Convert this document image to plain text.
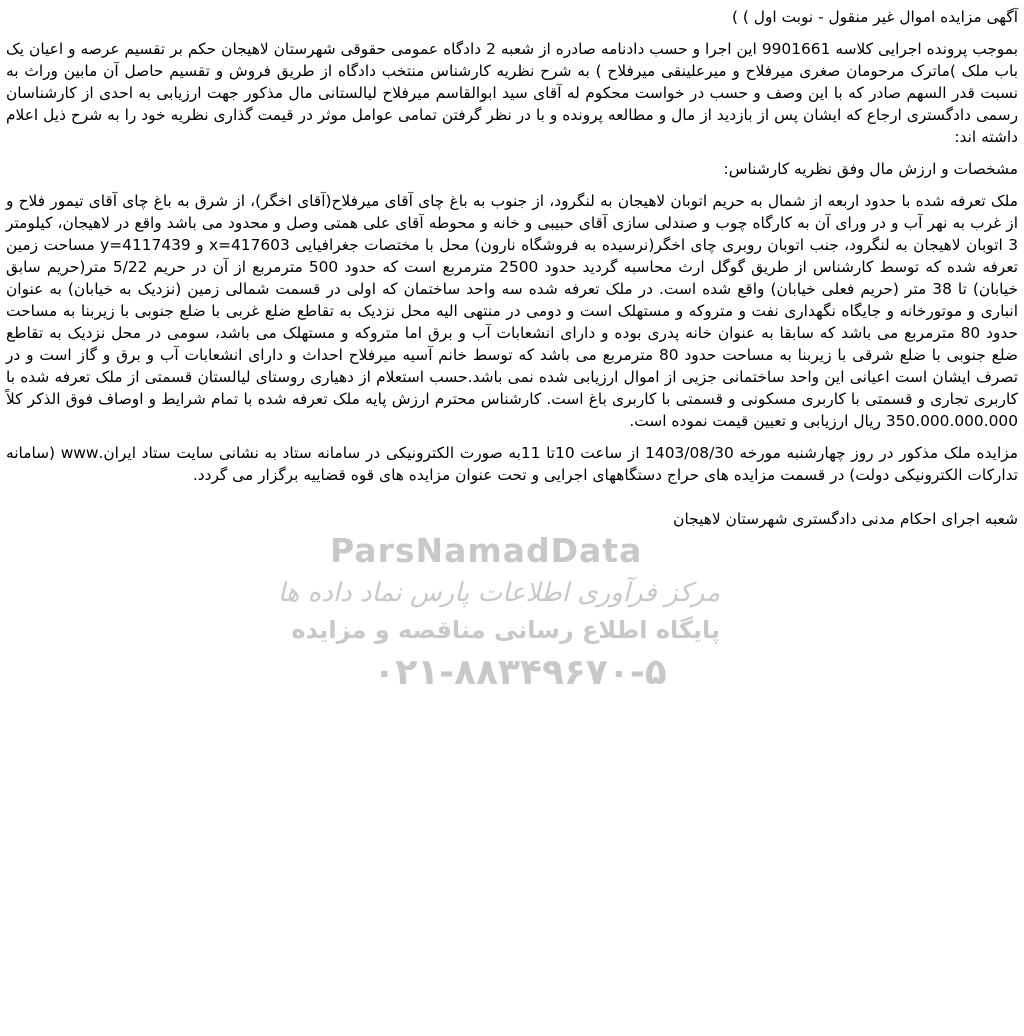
ParsNamadData
مرکز فرآوری اطلاعات پارس نماد داده ها
پایگاه اطلاع رسانی مناقصه و مزایده
۰۲۱-۸۸۳۴۹۶۷۰-۵

آگهی مزایده اموال غیر منقول - نوبت اول ) )

بموجب پرونده اجرایی کلاسه 9901661 این اجرا و حسب دادنامه صادره از شعبه 2 دادگاه عمومی حقوقی شهرستان لاهیجان حکم بر تقسیم عرصه و اعیان یک باب ملک )ماترک مرحومان صغری میرفلاح و میرعلینقی میرفلاح ) به شرح نظریه کارشناس منتخب دادگاه از طریق فروش و تقسیم حاصل آن مابین وراث به نسبت قدر السهم صادر که با این وصف و حسب در خواست محکوم له آقای سید ابوالقاسم میرفلاح لیالستانی مال مذکور جهت ارزیابی به احدی از کارشناسان رسمی دادگستری ارجاع که ایشان پس از بازدید از مال و مطالعه پرونده و با در نظر گرفتن تمامی عوامل موثر در قیمت گذاری نظریه خود را به شرح ذیل اعلام داشته اند:

مشخصات و ارزش مال وفق نظریه کارشناس:

ملک تعرفه شده با حدود اربعه از شمال به حریم اتوبان لاهیجان به لنگرود، از جنوب به باغ چای آقای میرفلاح(آقای اخگر)، از شرق به باغ چای آقای تیمور فلاح و از غرب به نهر آب و در ورای آن به کارگاه چوب و صندلی سازی آقای حبیبی و خانه و محوطه آقای علی همتی وصل و محدود می باشد واقع در لاهیجان، کیلومتر 3 اتوبان لاهیجان به لنگرود، جنب اتوبان روبری چای اخگر(نرسیده به فروشگاه نارون) محل با مختصات جغرافیایی x=417603 و y=4117439 مساحت زمین تعرفه شده که توسط کارشناس از طریق گوگل ارث محاسبه گردید حدود 2500 مترمربع است که حدود 500 مترمربع از آن در حریم 5/22 متر(حریم سابق خیابان) تا 38 متر (حریم فعلی خیابان) واقع شده است. در ملک تعرفه شده سه واحد ساختمان که اولی در قسمت شمالی زمین (نزدیک به خیابان) به عنوان انباری و موتورخانه و جایگاه نگهداری نفت و متروکه و مستهلک است و دومی در منتهی الیه محل نزدیک به تقاطع ضلع غربی با ضلع جنوبی با زیربنا به مساحت حدود 80 مترمربع می باشد که سابقا به عنوان خانه پدری بوده و دارای انشعابات آب و برق اما متروکه و مستهلک می باشد، سومی در محل نزدیک به تقاطع ضلع جنوبی با ضلع شرقی با زیربنا به مساحت حدود 80 مترمربع می باشد که توسط خانم آسیه میرفلاح احداث و دارای انشعابات آب و برق و گاز است و در تصرف ایشان است اعیانی این واحد ساختمانی جزیی از اموال ارزیابی شده نمی باشد.حسب استعلام از دهیاری روستای لیالستان قسمتی از ملک تعرفه شده با کاربری تجاری و قسمتی با کاربری مسکونی و قسمتی با کاربری باغ است. کارشناس محترم ارزش پایه ملک تعرفه شده با تمام شرایط و اوصاف فوق الذکر کلاً 350.000.000.000 ریال ارزیابی و تعیین قیمت نموده است.

مزایده ملک مذکور در روز چهارشنبه مورخه 1403/08/30 از ساعت 10تا 11به صورت الکترونیکی در سامانه ستاد به نشانی سایت ستاد ایران.www (سامانه تدارکات الکترونیکی دولت) در قسمت مزایده های حراج دستگاههای اجرایی و تحت عنوان مزایده های قوه قضاییه برگزار می گردد.

شعبه اجرای احکام مدنی دادگستری شهرستان لاهیجان
